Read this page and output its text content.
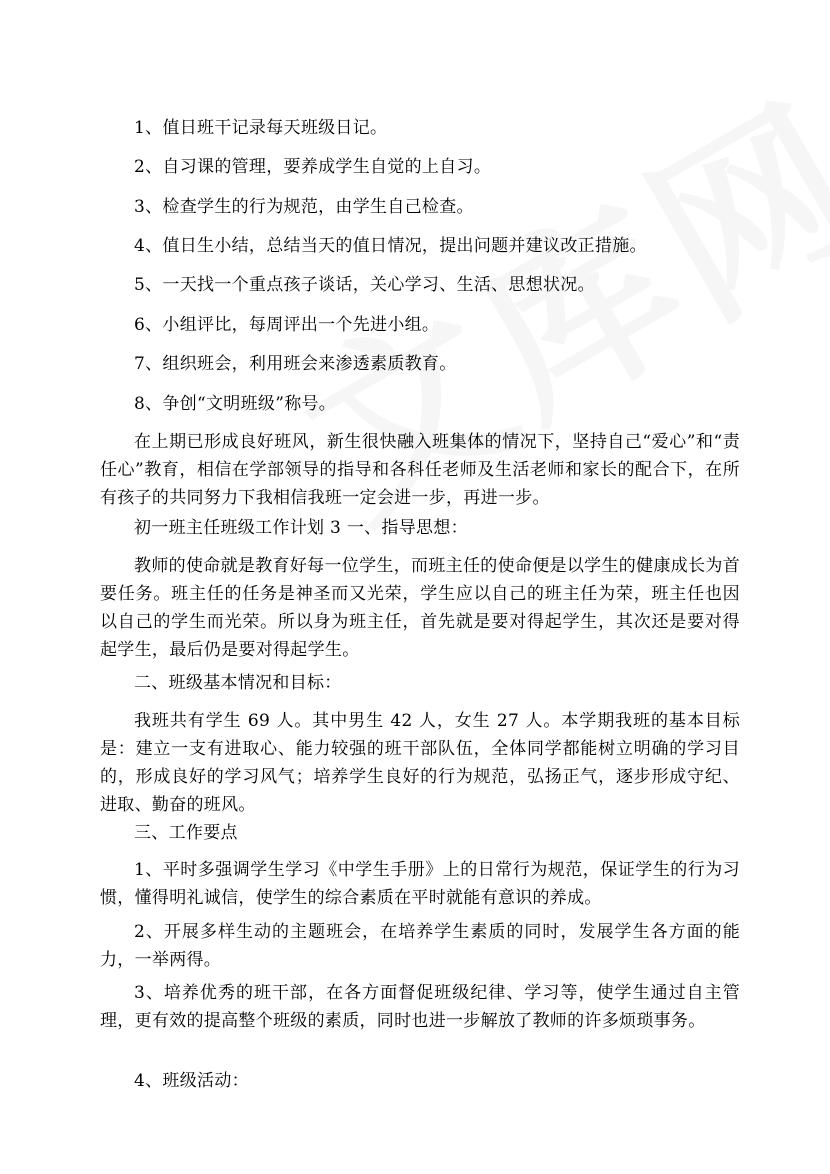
1、值日班干记录每天班级日记。

2、自习课的管理，要养成学生自觉的上自习。

3、检查学生的行为规范，由学生自己检查。

4、值日生小结，总结当天的值日情况，提出问题并建议改正措施。

5、一天找一个重点孩子谈话，关心学习、生活、思想状况。

6、小组评比，每周评出一个先进小组。

7、组织班会，利用班会来渗透素质教育。

8、争创“文明班级”称号。

在上期已形成良好班风，新生很快融入班集体的情况下，坚持自己“爱心”和“责任心”教育，相信在学部领导的指导和各科任老师及生活老师和家长的配合下，在所有孩子的共同努力下我相信我班一定会进一步，再进一步。

初一班主任班级工作计划 3 一、指导思想：

教师的使命就是教育好每一位学生，而班主任的使命便是以学生的健康成长为首要任务。班主任的任务是神圣而又光荣，学生应以自己的班主任为荣，班主任也因以自己的学生而光荣。所以身为班主任，首先就是要对得起学生，其次还是要对得起学生，最后仍是要对得起学生。

二、班级基本情况和目标：

我班共有学生 69 人。其中男生 42 人，女生 27 人。本学期我班的基本目标是：建立一支有进取心、能力较强的班干部队伍，全体同学都能树立明确的学习目的，形成良好的学习风气；培养学生良好的行为规范，弘扬正气，逐步形成守纪、进取、勤奋的班风。

三、工作要点

1、平时多强调学生学习《中学生手册》上的日常行为规范，保证学生的行为习惯，懂得明礼诚信，使学生的综合素质在平时就能有意识的养成。

2、开展多样生动的主题班会，在培养学生素质的同时，发展学生各方面的能力，一举两得。

3、培养优秀的班干部，在各方面督促班级纪律、学习等，使学生通过自主管理，更有效的提高整个班级的素质，同时也进一步解放了教师的许多烦琐事务。

4、班级活动：
